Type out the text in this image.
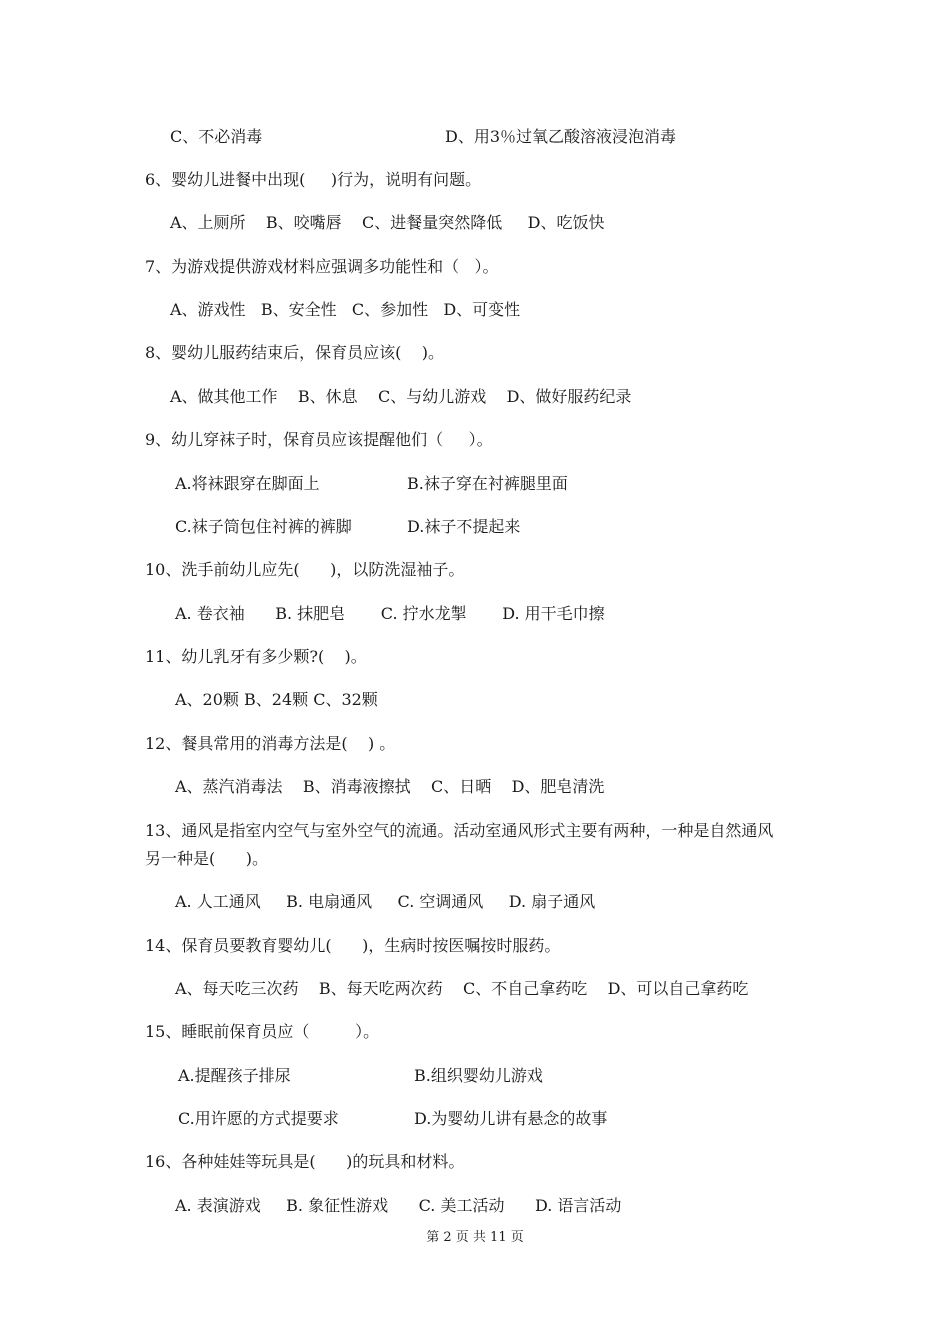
C、不必消毒	D、用3％过氧乙酸溶液浸泡消毒
6、婴幼儿进餐中出现(     )行为，说明有问题。
A、上厕所    B、咬嘴唇    C、进餐量突然降低     D、吃饭快
7、为游戏提供游戏材料应强调多功能性和（   ）。
A、游戏性   B、安全性   C、参加性   D、可变性
8、婴幼儿服药结束后，保育员应该(    )。
A、做其他工作    B、休息    C、与幼儿游戏    D、做好服药纪录
9、幼儿穿袜子时，保育员应该提醒他们（     ）。
A.将袜跟穿在脚面上	B.袜子穿在衬裤腿里面
C.袜子筒包住衬裤的裤脚	D.袜子不提起来
10、洗手前幼儿应先(      )，以防洗湿袖子。
A. 卷衣袖      B. 抹肥皂       C. 拧水龙掣       D. 用干毛巾擦
11、幼儿乳牙有多少颗?(    )。
A、20颗 B、24颗 C、32颗
12、餐具常用的消毒方法是(    ) 。
A、蒸汽消毒法    B、消毒液擦拭    C、日晒    D、肥皂清洗
13、通风是指室内空气与室外空气的流通。活动室通风形式主要有两种，一种是自然通风
另一种是(      )。
A. 人工通风     B. 电扇通风     C. 空调通风     D. 扇子通风
14、保育员要教育婴幼儿(      )，生病时按医嘱按时服药。
A、每天吃三次药    B、每天吃两次药    C、不自己拿药吃    D、可以自己拿药吃
15、睡眠前保育员应（         ）。
A.提醒孩子排尿	B.组织婴幼儿游戏
C.用许愿的方式提要求	D.为婴幼儿讲有悬念的故事
16、各种娃娃等玩具是(      )的玩具和材料。
A. 表演游戏     B. 象征性游戏      C. 美工活动      D. 语言活动
第 2 页 共 11 页
